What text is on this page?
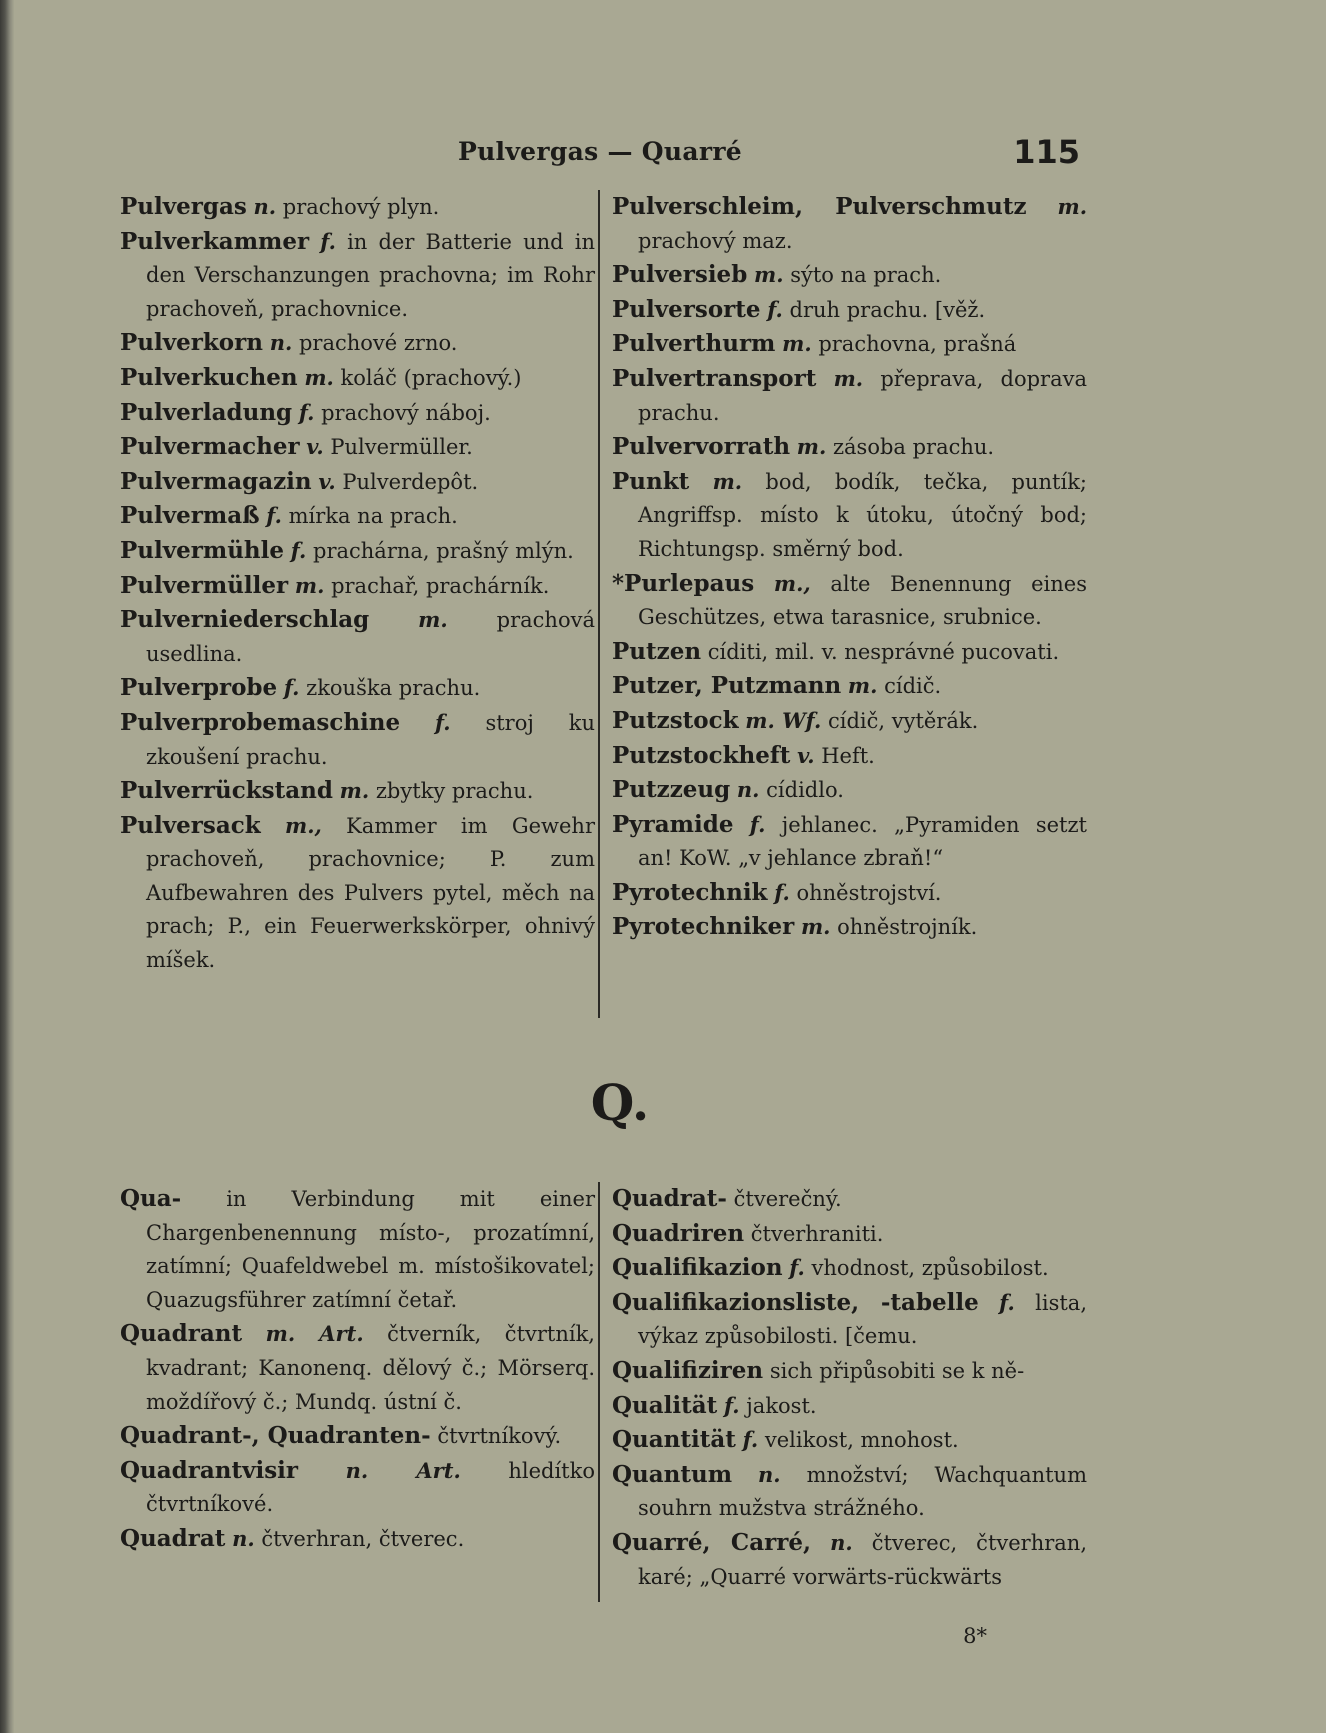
Pulvergas — Quarré	115
Pulvergas n. prachový plyn.
Pulverkammer f. in der Batterie und in den Verschanzungen prachovna; im Rohr prachoveň, prachovnice.
Pulverkorn n. prachové zrno.
Pulverkuchen m. koláč (prachový.)
Pulverladung f. prachový náboj.
Pulvermacher v. Pulvermüller.
Pulvermagazin v. Pulverdepôt.
Pulvermaß f. mírka na prach.
Pulvermühle f. prachárna, prašný mlýn.
Pulvermüller m. prachař, prachárník.
Pulverniederschlag m. prachová usedlina.
Pulverprobe f. zkouška prachu.
Pulverprobemaschine f. stroj ku zkoušení prachu.
Pulverrückstand m. zbytky prachu.
Pulversack m., Kammer im Gewehr prachoveň, prachovnice; P. zum Aufbewahren des Pulvers pytel, měch na prach; P., ein Feuerwerkskörper, ohnivý míšek.
Pulverschleim, Pulverschmutz m. prachový maz.
Pulversieb m. sýto na prach.
Pulversorte f. druh prachu. [věž.
Pulverthurm m. prachovna, prašná
Pulvertransport m. přeprava, doprava prachu.
Pulvervorrath m. zásoba prachu.
Punkt m. bod, bodík, tečka, puntík; Angriffsp. místo k útoku, útočný bod; Richtungsp. směrný bod.
*Purlepaus m., alte Benennung eines Geschützes, etwa tarasnice, srubnice.
Putzen cíditi, mil. v. nesprávné pucovati.
Putzer, Putzmann m. cídič.
Putzstock m. Wf. cídič, vytěrák.
Putzstockheft v. Heft.
Putzzeug n. cídidlo.
Pyramide f. jehlanec. „Pyramiden setzt an! KoW. „v jehlance zbraň!“
Pyrotechnik f. ohněstrojství.
Pyrotechniker m. ohněstrojník.
Q.
Qua- in Verbindung mit einer Chargenbenennung místo-, prozatímní, zatímní; Quafeldwebel m. místošikovatel; Quazugsführer zatímní četař.
Quadrant m. Art. čtverník, čtvrtník, kvadrant; Kanonenq. dělový č.; Mörserq. moždířový č.; Mundq. ústní č.
Quadrant-, Quadranten- čtvrtníkový.
Quadrantvisir n. Art. hledítko čtvrtníkové.
Quadrat n. čtverhran, čtverec.
Quadrat- čtverečný.
Quadriren čtverhraniti.
Qualifikazion f. vhodnost, způsobilost.
Qualifikazionsliste, -tabelle f. lista, výkaz způsobilosti. [čemu.
Qualifiziren sich připůsobiti se k ně-
Qualität f. jakost.
Quantität f. velikost, mnohost.
Quantum n. množství; Wachquantum souhrn mužstva strážného.
Quarré, Carré, n. čtverec, čtverhran, karé; „Quarré vorwärts-rückwärts
8*
